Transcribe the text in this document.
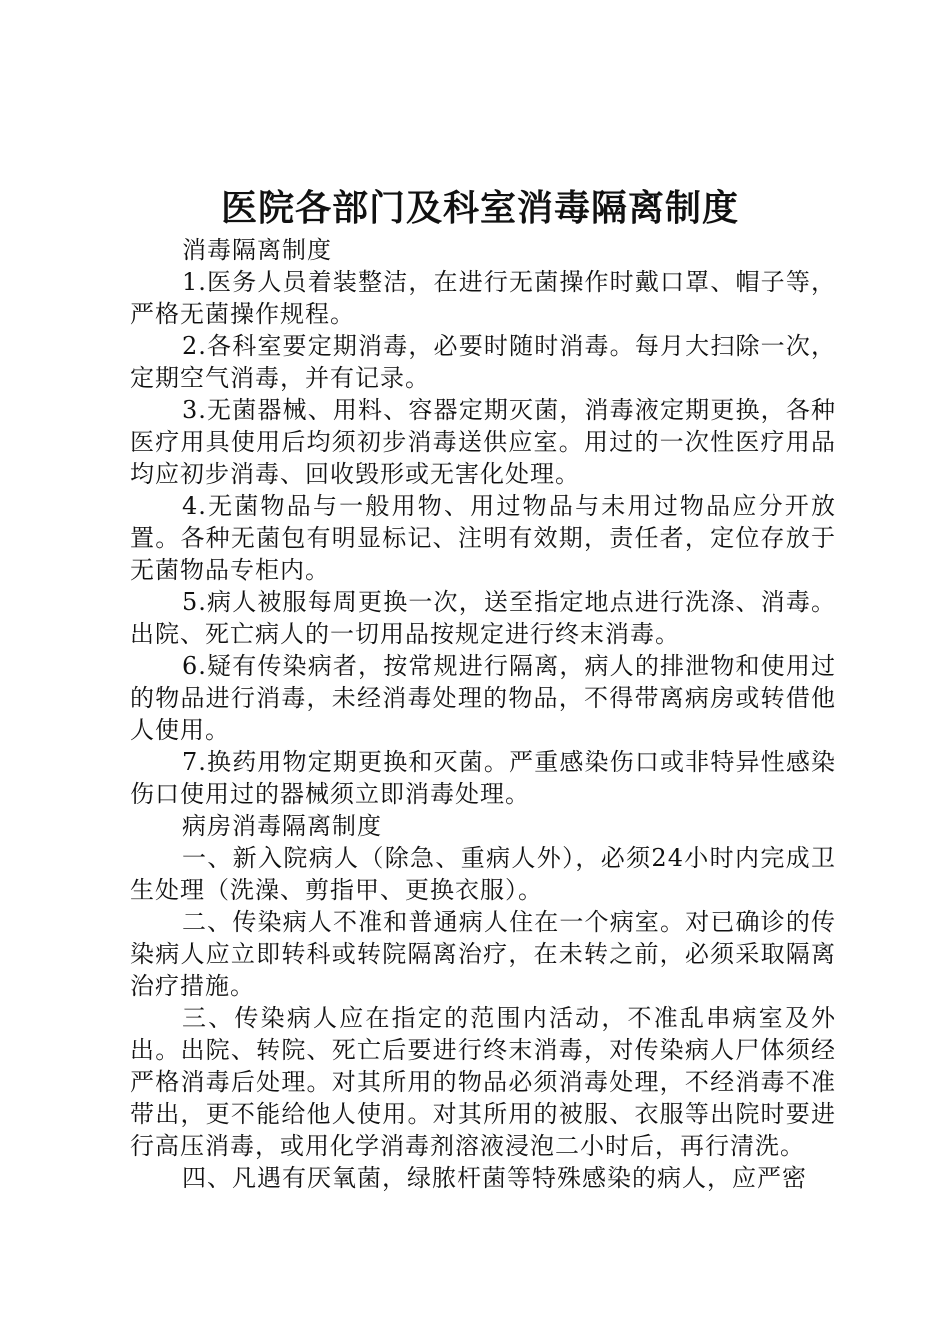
医院各部门及科室消毒隔离制度

消毒隔离制度

1.医务人员着装整洁，在进行无菌操作时戴口罩、帽子等，严格无菌操作规程。

2.各科室要定期消毒，必要时随时消毒。每月大扫除一次，定期空气消毒，并有记录。

3.无菌器械、用料、容器定期灭菌，消毒液定期更换，各种医疗用具使用后均须初步消毒送供应室。用过的一次性医疗用品均应初步消毒、回收毁形或无害化处理。

4.无菌物品与一般用物、用过物品与未用过物品应分开放置。各种无菌包有明显标记、注明有效期，责任者，定位存放于无菌物品专柜内。

5.病人被服每周更换一次，送至指定地点进行洗涤、消毒。出院、死亡病人的一切用品按规定进行终末消毒。

6.疑有传染病者，按常规进行隔离，病人的排泄物和使用过的物品进行消毒，未经消毒处理的物品，不得带离病房或转借他人使用。

7.换药用物定期更换和灭菌。严重感染伤口或非特异性感染伤口使用过的器械须立即消毒处理。

病房消毒隔离制度

一、新入院病人（除急、重病人外），必须24小时内完成卫生处理（洗澡、剪指甲、更换衣服）。

二、传染病人不准和普通病人住在一个病室。对已确诊的传染病人应立即转科或转院隔离治疗，在未转之前，必须采取隔离治疗措施。

三、传染病人应在指定的范围内活动，不准乱串病室及外出。出院、转院、死亡后要进行终末消毒，对传染病人尸体须经严格消毒后处理。对其所用的物品必须消毒处理，不经消毒不准带出，更不能给他人使用。对其所用的被服、衣服等出院时要进行高压消毒，或用化学消毒剂溶液浸泡二小时后，再行清洗。

四、凡遇有厌氧菌，绿脓杆菌等特殊感染的病人，应严密
